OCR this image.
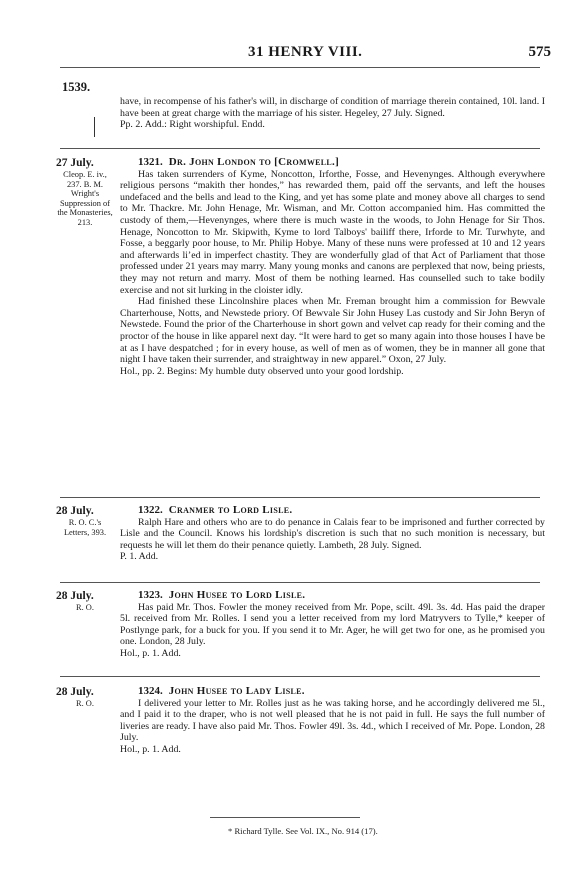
31 HENRY VIII.	575
1539.

have, in recompense of his father's will, in discharge of condition of marriage therein contained, 10l. land. I have been at great charge with the marriage of his sister. Hegeley, 27 July. Signed.

Pp. 2. Add.: Right worshipful. Endd.

27 July.
Cleop. E. iv., 237. B. M. Wright's Suppression of the Monasteries, 213.

1321. Dr. John London to [Cromwell.]

Has taken surrenders of Kyme, Noncotton, Irforthe, Fosse, and Hevenynges. Although everywhere religious persons “makith ther hondes,” has rewarded them, paid off the servants, and left the houses undefaced and the bells and lead to the King, and yet has some plate and money above all charges to send to Mr. Thackre. Mr. John Henage, Mr. Wisman, and Mr. Cotton accompanied him. Has committed the custody of them,—Hevenynges, where there is much waste in the woods, to John Henage for Sir Thos. Henage, Noncotton to Mr. Skipwith, Kyme to lord Talboys' bailiff there, Irforde to Mr. Turwhyte, and Fosse, a beggarly poor house, to Mr. Philip Hobye. Many of these nuns were professed at 10 and 12 years and afterwards li’ed in imperfect chastity. They are wonderfully glad of that Act of Parliament that those professed under 21 years may marry. Many young monks and canons are perplexed that now, being priests, they may not return and marry. Most of them be nothing learned. Has counselled such to take bodily exercise and not sit lurking in the cloister idly.

Had finished these Lincolnshire places when Mr. Freman brought him a commission for Bewvale Charterhouse, Notts, and Newstede priory. Of Bewvale Sir John Husey Las custody and Sir John Beryn of Newstede. Found the prior of the Charterhouse in short gown and velvet cap ready for their coming and the proctor of the house in like apparel next day. “It were hard to get so many again into those houses I have be at as I have despatched ; for in every house, as well of men as of women, they be in manner all gone that night I have taken their surrender, and straightway in new apparel.” Oxon, 27 July.

Hol., pp. 2. Begins: My humble duty observed unto your good lordship.

28 July.
R. O. C.'s Letters, 393.

1322. Cranmer to Lord Lisle.

Ralph Hare and others who are to do penance in Calais fear to be imprisoned and further corrected by Lisle and the Council. Knows his lordship's discretion is such that no such monition is necessary, but requests he will let them do their penance quietly. Lambeth, 28 July. Signed.

P. 1. Add.

28 July.
R. O.

1323. John Husee to Lord Lisle.

Has paid Mr. Thos. Fowler the money received from Mr. Pope, scilt. 49l. 3s. 4d. Has paid the draper 5l. received from Mr. Rolles. I send you a letter received from my lord Matryvers to Tylle,* keeper of Postlynge park, for a buck for you. If you send it to Mr. Ager, he will get two for one, as he promised you one. London, 28 July.

Hol., p. 1. Add.

28 July.
R. O.

1324. John Husee to Lady Lisle.

I delivered your letter to Mr. Rolles just as he was taking horse, and he accordingly delivered me 5l., and I paid it to the draper, who is not well pleased that he is not paid in full. He says the full number of liveries are ready. I have also paid Mr. Thos. Fowler 49l. 3s. 4d., which I received of Mr. Pope. London, 28 July.

Hol., p. 1. Add.

* Richard Tylle. See Vol. IX., No. 914 (17).
